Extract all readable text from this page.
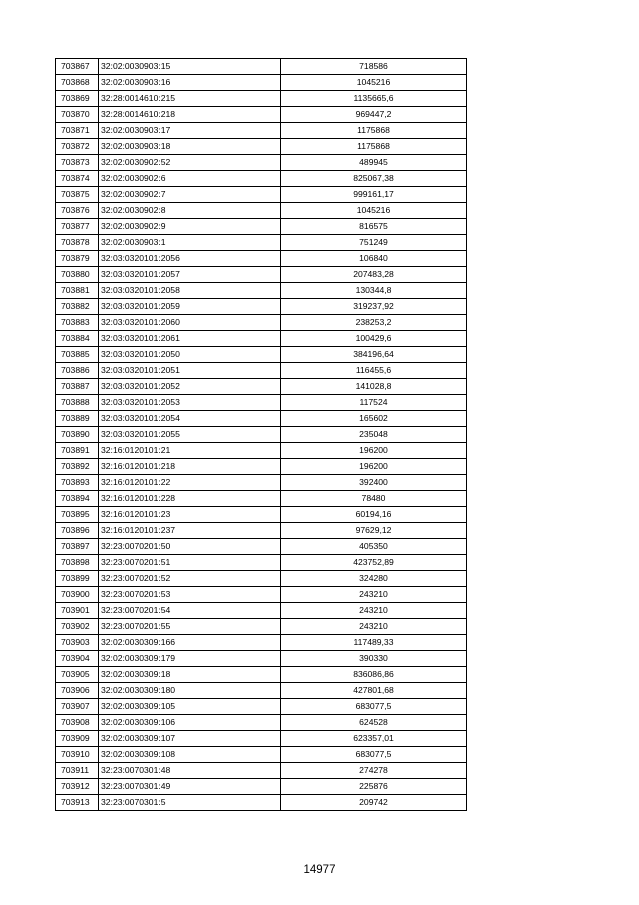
703867	32:02:0030903:15	718586
703868	32:02:0030903:16	1045216
703869	32:28:0014610:215	1135665,6
703870	32:28:0014610:218	969447,2
703871	32:02:0030903:17	1175868
703872	32:02:0030903:18	1175868
703873	32:02:0030902:52	489945
703874	32:02:0030902:6	825067,38
703875	32:02:0030902:7	999161,17
703876	32:02:0030902:8	1045216
703877	32:02:0030902:9	816575
703878	32:02:0030903:1	751249
703879	32:03:0320101:2056	106840
703880	32:03:0320101:2057	207483,28
703881	32:03:0320101:2058	130344,8
703882	32:03:0320101:2059	319237,92
703883	32:03:0320101:2060	238253,2
703884	32:03:0320101:2061	100429,6
703885	32:03:0320101:2050	384196,64
703886	32:03:0320101:2051	116455,6
703887	32:03:0320101:2052	141028,8
703888	32:03:0320101:2053	117524
703889	32:03:0320101:2054	165602
703890	32:03:0320101:2055	235048
703891	32:16:0120101:21	196200
703892	32:16:0120101:218	196200
703893	32:16:0120101:22	392400
703894	32:16:0120101:228	78480
703895	32:16:0120101:23	60194,16
703896	32:16:0120101:237	97629,12
703897	32:23:0070201:50	405350
703898	32:23:0070201:51	423752,89
703899	32:23:0070201:52	324280
703900	32:23:0070201:53	243210
703901	32:23:0070201:54	243210
703902	32:23:0070201:55	243210
703903	32:02:0030309:166	117489,33
703904	32:02:0030309:179	390330
703905	32:02:0030309:18	836086,86
703906	32:02:0030309:180	427801,68
703907	32:02:0030309:105	683077,5
703908	32:02:0030309:106	624528
703909	32:02:0030309:107	623357,01
703910	32:02:0030309:108	683077,5
703911	32:23:0070301:48	274278
703912	32:23:0070301:49	225876
703913	32:23:0070301:5	209742
14977
